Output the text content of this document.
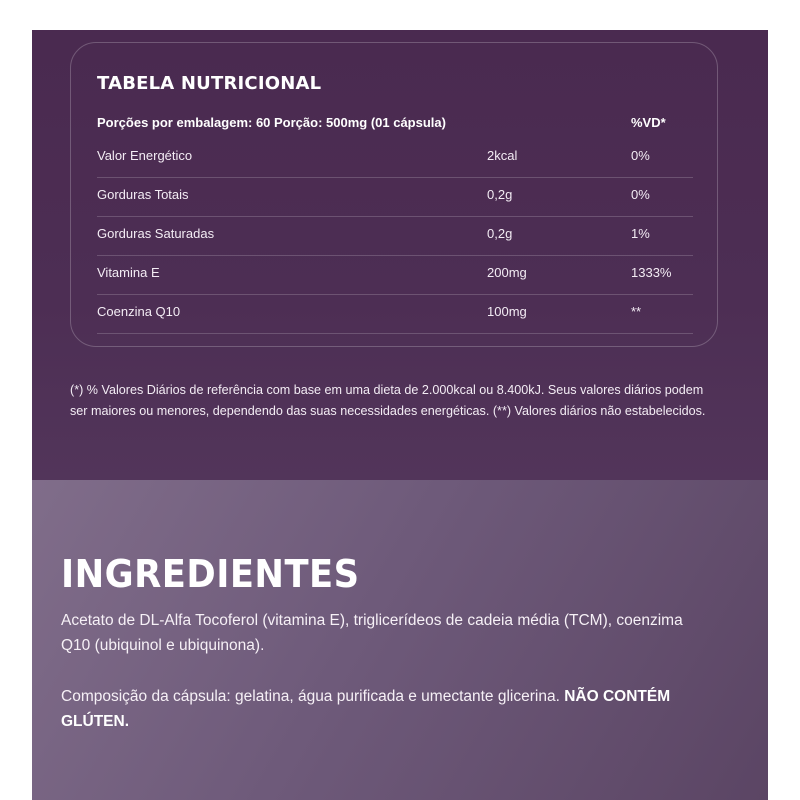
TABELA NUTRICIONAL
Porções por embalagem: 60 Porção: 500mg (01 cápsula)	%VD*
Valor Energético	2kcal	0%
Gorduras Totais	0,2g	0%
Gorduras Saturadas	0,2g	1%
Vitamina E	200mg	1333%
Coenzina Q10	100mg	**
(*) % Valores Diários de referência com base em uma dieta de 2.000kcal ou 8.400kJ. Seus valores diários podem ser maiores ou menores, dependendo das suas necessidades energéticas. (**) Valores diários não estabelecidos.
INGREDIENTES
Acetato de DL-Alfa Tocoferol (vitamina E), triglicerídeos de cadeia média (TCM), coenzima Q10 (ubiquinol e ubiquinona).
Composição da cápsula: gelatina, água purificada e umectante glicerina. NÃO CONTÉM GLÚTEN.
